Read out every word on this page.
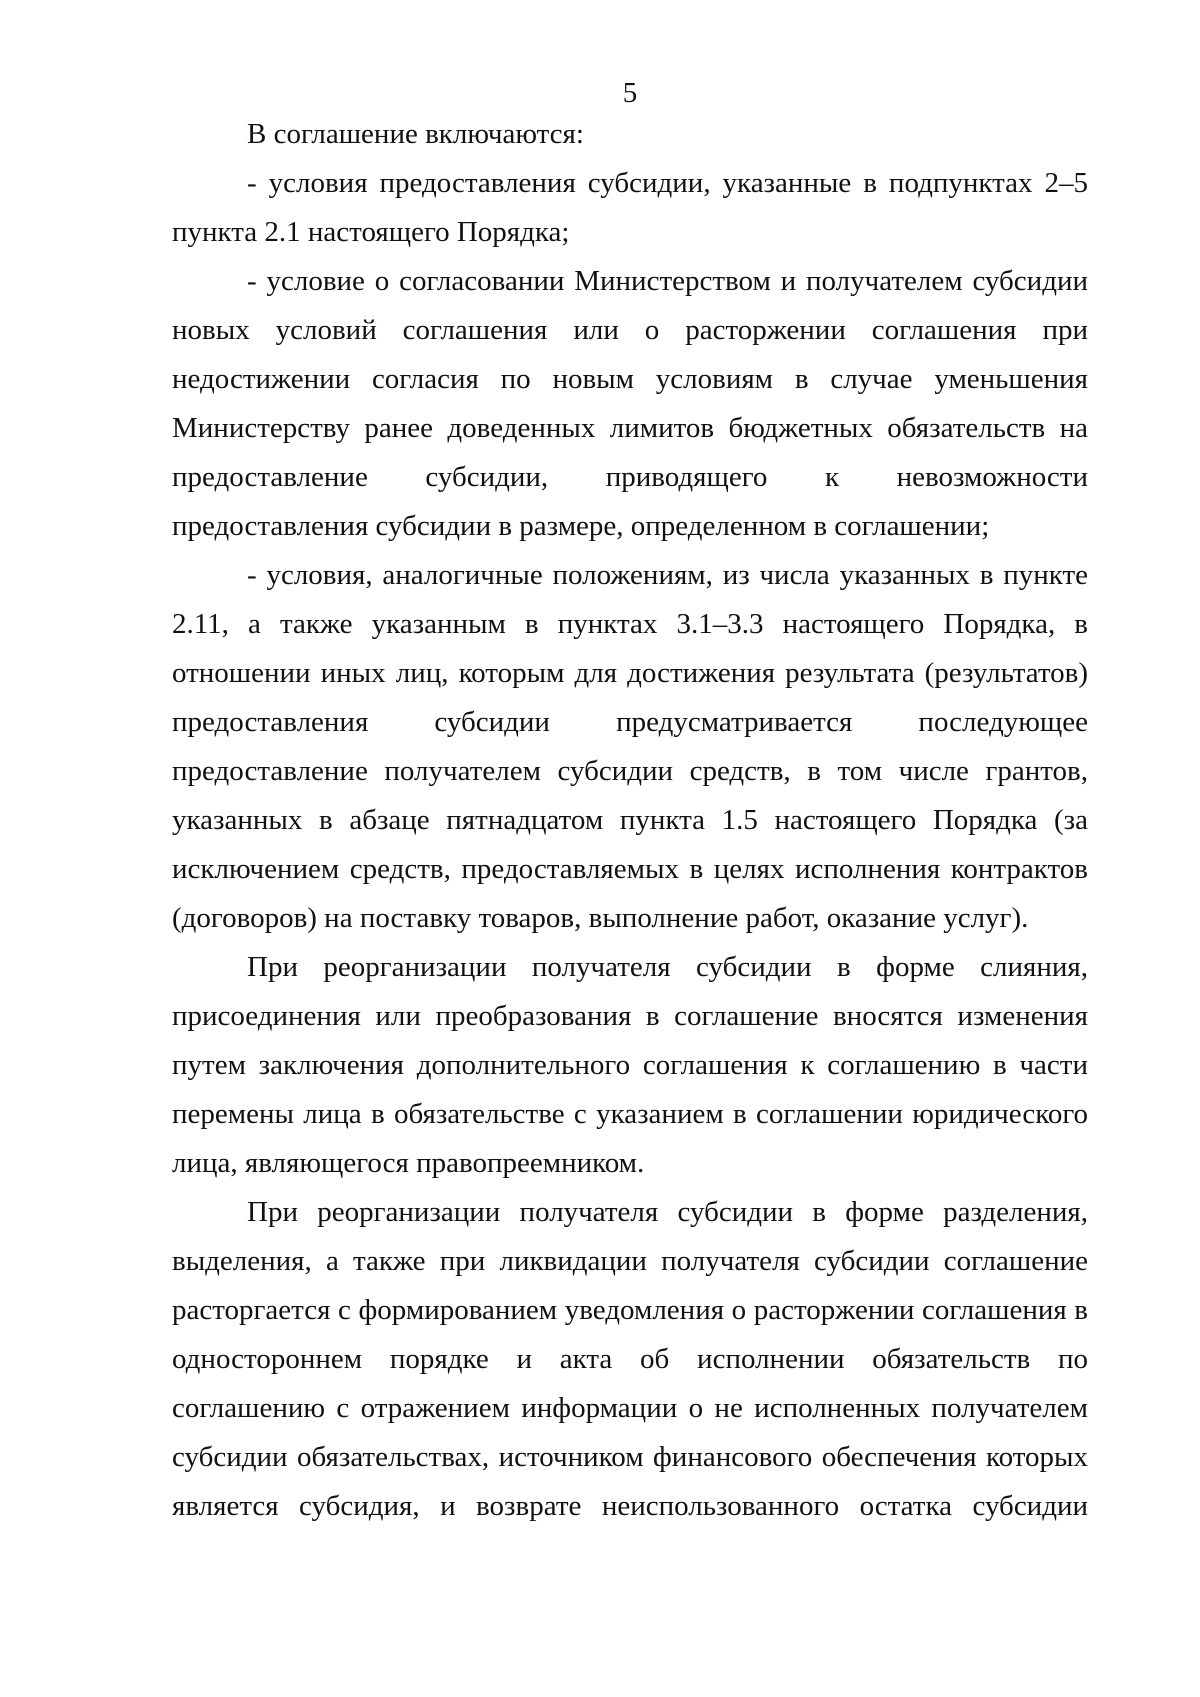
5

В соглашение включаются:

- условия предоставления субсидии, указанные в подпунктах 2–5 пункта 2.1 настоящего Порядка;

- условие о согласовании Министерством и получателем субсидии новых условий соглашения или о расторжении соглашения при недостижении согласия по новым условиям в случае уменьшения Министерству ранее доведенных лимитов бюджетных обязательств на предоставление субсидии, приводящего к невозможности предоставления субсидии в размере, определенном в соглашении;

- условия, аналогичные положениям, из числа указанных в пункте 2.11, а также указанным в пунктах 3.1–3.3 настоящего Порядка, в отношении иных лиц, которым для достижения результата (результатов) предоставления субсидии предусматривается последующее предоставление получателем субсидии средств, в том числе грантов, указанных в абзаце пятнадцатом пункта 1.5 настоящего Порядка (за исключением средств, предоставляемых в целях исполнения контрактов (договоров) на поставку товаров, выполнение работ, оказание услуг).

При реорганизации получателя субсидии в форме слияния, присоединения или преобразования в соглашение вносятся изменения путем заключения дополнительного соглашения к соглашению в части перемены лица в обязательстве с указанием в соглашении юридического лица, являющегося правопреемником.

При реорганизации получателя субсидии в форме разделения, выделения, а также при ликвидации получателя субсидии соглашение расторгается с формированием уведомления о расторжении соглашения в одностороннем порядке и акта об исполнении обязательств по соглашению с отражением информации о не исполненных получателем субсидии обязательствах, источником финансового обеспечения которых является субсидия, и возврате неиспользованного остатка субсидии
